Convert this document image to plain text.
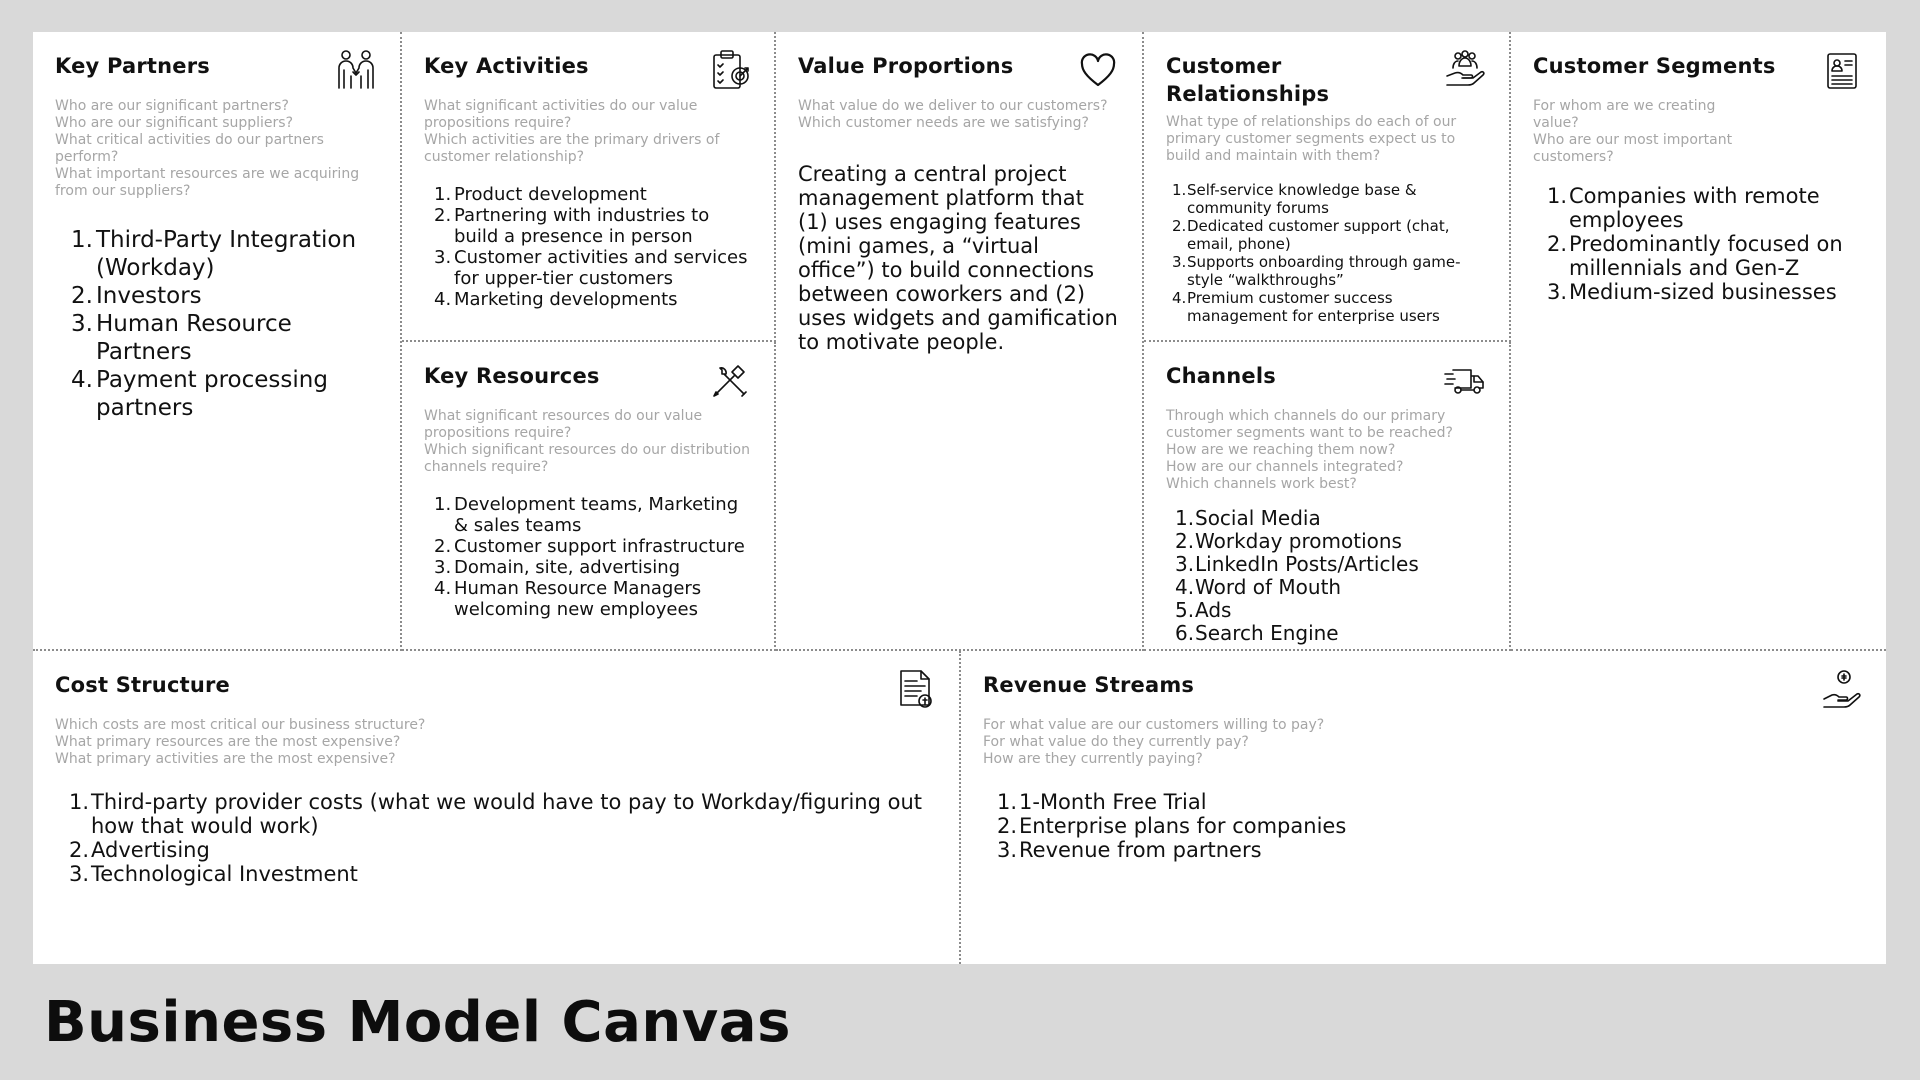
Key Partners
Who are our significant partners?
Who are our significant suppliers?
What critical activities do our partners perform?
What important resources are we acquiring from our suppliers?
Third-Party Integration (Workday)
Investors
Human Resource Partners
Payment processing partners
Key Activities
What significant activities do our value propositions require?
Which activities are the primary drivers of customer relationship?
Product development
Partnering with industries to build a presence in person
Customer activities and services for upper-tier customers
Marketing developments
Key Resources
What significant resources do our value propositions require?
Which significant resources do our distribution channels require?
Development teams, Marketing & sales teams
Customer support infrastructure
Domain, site, advertising
Human Resource Managers welcoming new employees
Value Proportions
What value do we deliver to our customers?
Which customer needs are we satisfying?
Creating a central project management platform that (1) uses engaging features (mini games, a “virtual office”) to build connections between coworkers and (2) uses widgets and gamification to motivate people.
Customer Relationships
What type of relationships do each of our primary customer segments expect us to build and maintain with them?
Self-service knowledge base & community forums
Dedicated customer support (chat, email, phone)
Supports onboarding through game-style “walkthroughs”
Premium customer success management for enterprise users
Channels
Through which channels do our primary customer segments want to be reached?
How are we reaching them now?
How are our channels integrated?
Which channels work best?
Social Media
Workday promotions
LinkedIn Posts/Articles
Word of Mouth
Ads
Search Engine
Customer Segments
For whom are we creating value?
Who are our most important customers?
Companies with remote employees
Predominantly focused on millennials and Gen-Z
Medium-sized businesses
Cost Structure
Which costs are most critical our business structure?
What primary resources are the most expensive?
What primary activities are the most expensive?
Third-party provider costs (what we would have to pay to Workday/figuring out how that would work)
Advertising
Technological Investment
Revenue Streams
For what value are our customers willing to pay?
For what value do they currently pay?
How are they currently paying?
1-Month Free Trial
Enterprise plans for companies
Revenue from partners
Business Model Canvas
